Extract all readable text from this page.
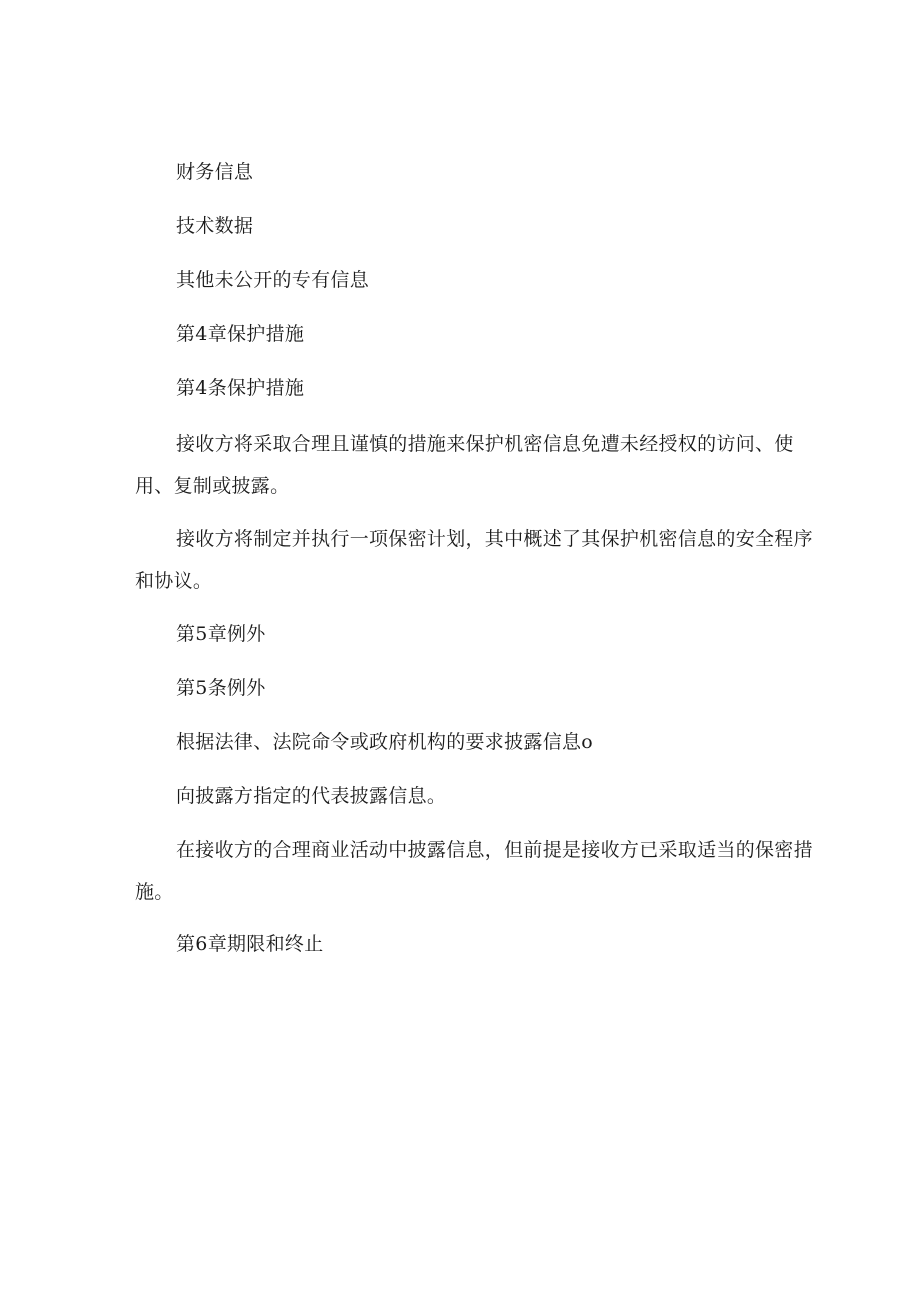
财务信息
技术数据
其他未公开的专有信息
第4章保护措施
第4条保护措施
接收方将采取合理且谨慎的措施来保护机密信息免遭未经授权的访问、使
用、复制或披露。
接收方将制定并执行一项保密计划，其中概述了其保护机密信息的安全程序
和协议。
第5章例外
第5条例外
根据法律、法院命令或政府机构的要求披露信息o
向披露方指定的代表披露信息。
在接收方的合理商业活动中披露信息，但前提是接收方已采取适当的保密措
施。
第6章期限和终止
